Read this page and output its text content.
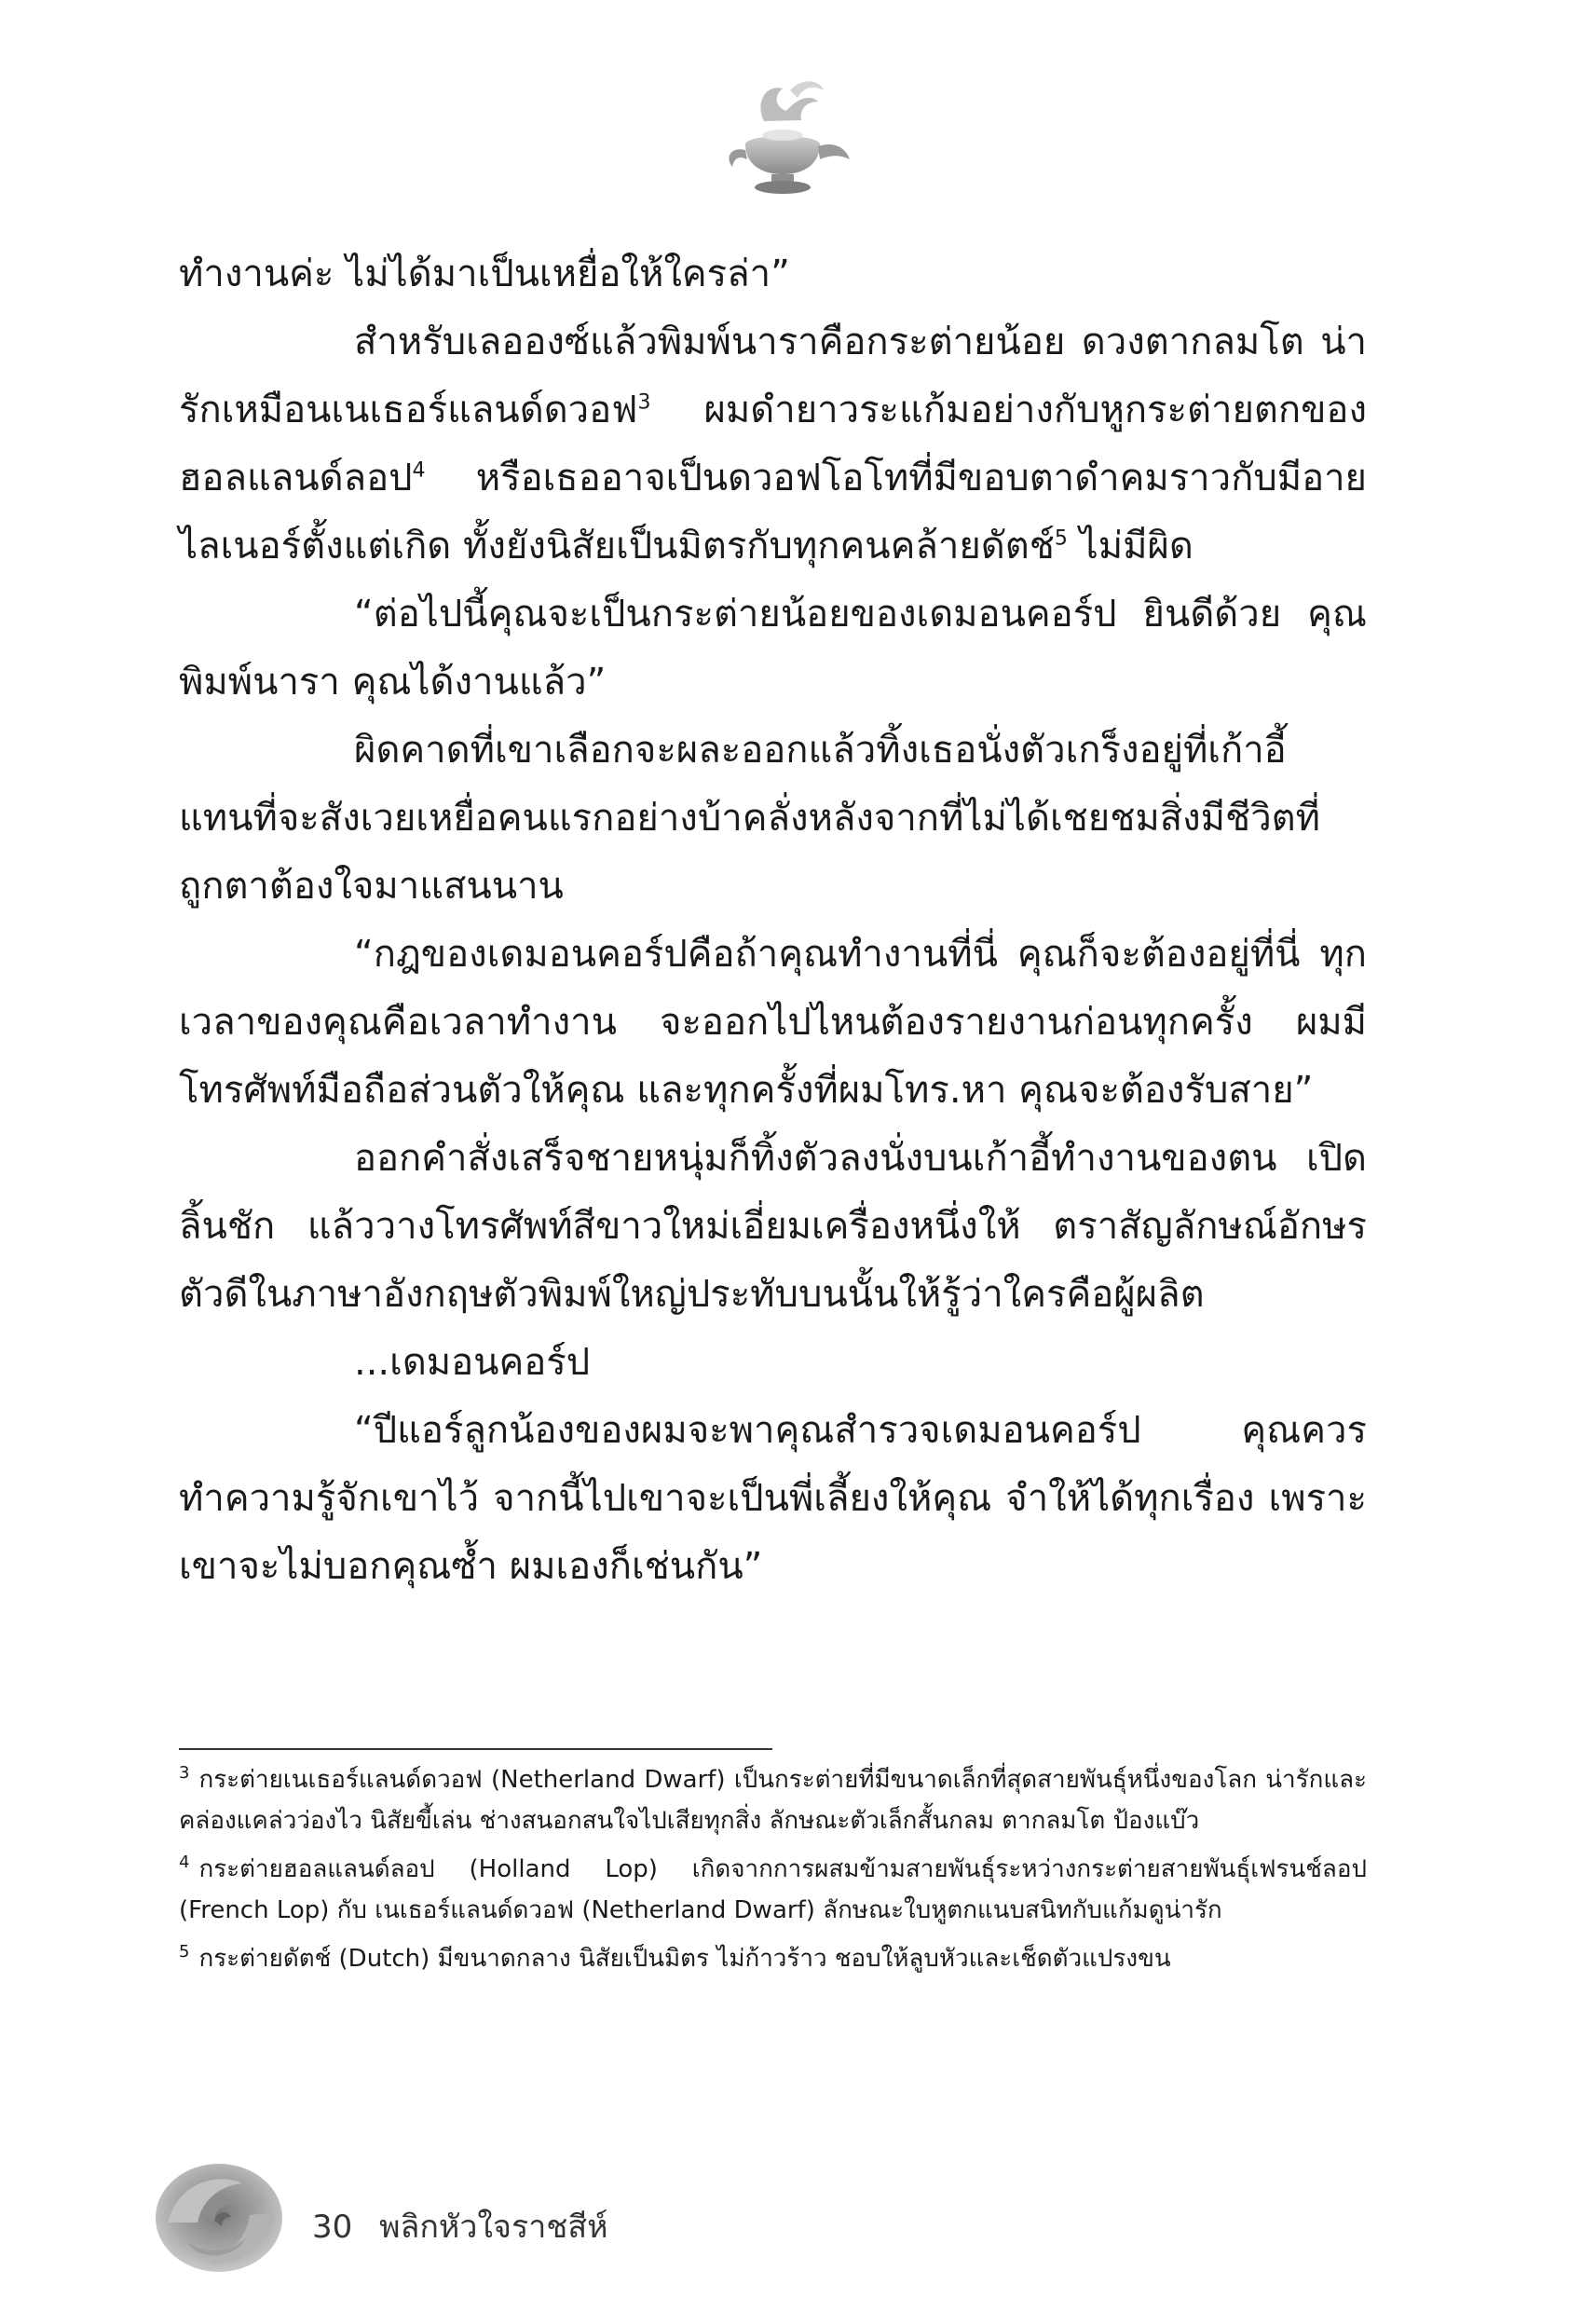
ทำงานค่ะ ไม่ได้มาเป็นเหยื่อให้ใครล่า”

สำหรับเลอองซ์แล้วพิมพ์นาราคือกระต่ายน้อย ดวงตากลมโต น่ารักเหมือนเนเธอร์แลนด์ดวอฟ$^3$ ผมดำยาวระแก้มอย่างกับหูกระต่ายตกของฮอลแลนด์ลอป$^4$ หรือเธออาจเป็นดวอฟโอโทที่มีขอบตาดำคมราวกับมีอายไลเนอร์ตั้งแต่เกิด ทั้งยังนิสัยเป็นมิตรกับทุกคนคล้ายดัตช์$^5$ ไม่มีผิด

“ต่อไปนี้คุณจะเป็นกระต่ายน้อยของเดมอนคอร์ป ยินดีด้วย คุณพิมพ์นารา คุณได้งานแล้ว”

ผิดคาดที่เขาเลือกจะผละออกแล้วทิ้งเธอนั่งตัวเกร็งอยู่ที่เก้าอี้ แทนที่จะสังเวยเหยื่อคนแรกอย่างบ้าคลั่งหลังจากที่ไม่ได้เชยชมสิ่งมีชีวิตที่ถูกตาต้องใจมาแสนนาน

“กฎของเดมอนคอร์ปคือถ้าคุณทำงานที่นี่ คุณก็จะต้องอยู่ที่นี่ ทุกเวลาของคุณคือเวลาทำงาน จะออกไปไหนต้องรายงานก่อนทุกครั้ง ผมมีโทรศัพท์มือถือส่วนตัวให้คุณ และทุกครั้งที่ผมโทร.หา คุณจะต้องรับสาย”

ออกคำสั่งเสร็จชายหนุ่มก็ทิ้งตัวลงนั่งบนเก้าอี้ทำงานของตน เปิดลิ้นชัก แล้ววางโทรศัพท์สีขาวใหม่เอี่ยมเครื่องหนึ่งให้ ตราสัญลักษณ์อักษรตัวดีในภาษาอังกฤษตัวพิมพ์ใหญ่ประทับบนนั้นให้รู้ว่าใครคือผู้ผลิต

...เดมอนคอร์ป

“ปีแอร์ลูกน้องของผมจะพาคุณสำรวจเดมอนคอร์ป คุณควรทำความรู้จักเขาไว้ จากนี้ไปเขาจะเป็นพี่เลี้ยงให้คุณ จำให้ได้ทุกเรื่อง เพราะเขาจะไม่บอกคุณซ้ำ ผมเองก็เช่นกัน”

$^3$ กระต่ายเนเธอร์แลนด์ดวอฟ (Netherland Dwarf) เป็นกระต่ายที่มีขนาดเล็กที่สุดสายพันธุ์หนึ่งของโลก น่ารักและคล่องแคล่วว่องไว นิสัยขี้เล่น ช่างสนอกสนใจไปเสียทุกสิ่ง ลักษณะตัวเล็กสั้นกลม ตากลมโต ป้องแบ๊ว

$^4$ กระต่ายฮอลแลนด์ลอป (Holland Lop) เกิดจากการผสมข้ามสายพันธุ์ระหว่างกระต่ายสายพันธุ์เฟรนช์ลอป (French Lop) กับ เนเธอร์แลนด์ดวอฟ (Netherland Dwarf) ลักษณะใบหูตกแนบสนิทกับแก้มดูน่ารัก

$^5$ กระต่ายดัตช์ (Dutch) มีขนาดกลาง นิสัยเป็นมิตร ไม่ก้าวร้าว ชอบให้ลูบหัวและเช็ดตัวแปรงขน

30 พลิกหัวใจราชสีห์
